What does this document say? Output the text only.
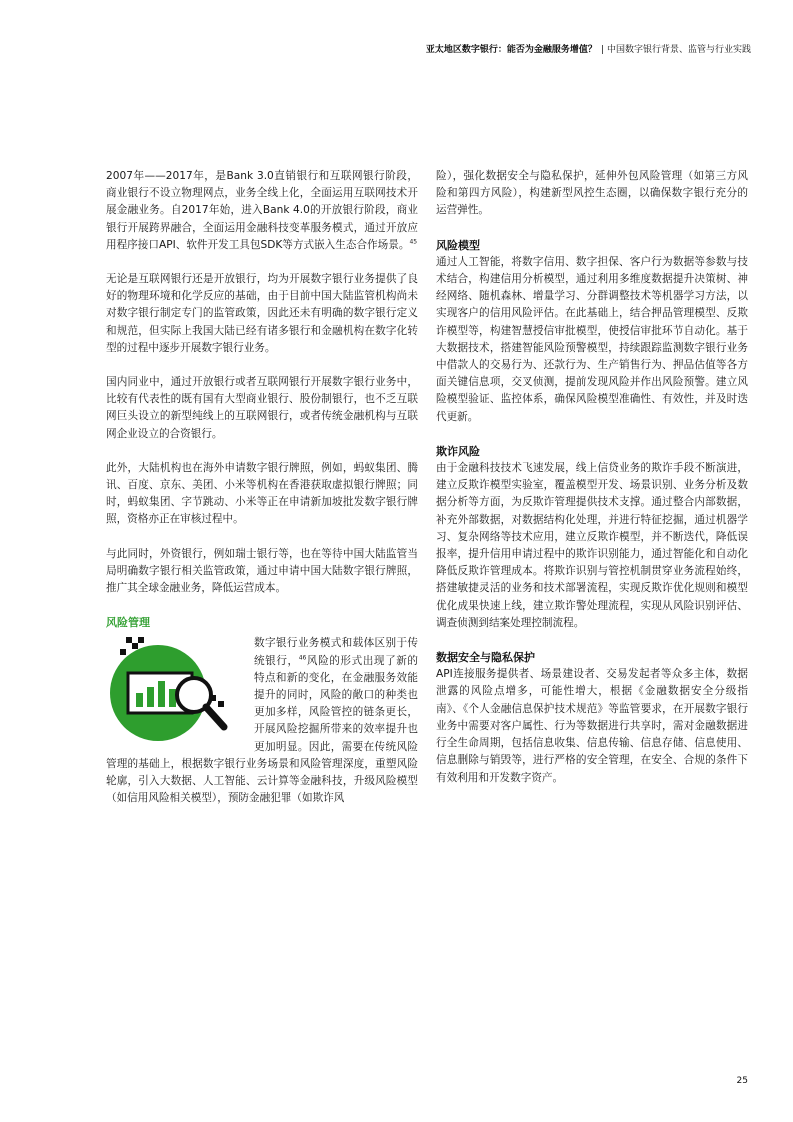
亚太地区数字银行：能否为金融服务增值？ | 中国数字银行背景、监管与行业实践

2007年——2017年，是Bank 3.0直销银行和互联网银行阶段，商业银行不设立物理网点，业务全线上化，全面运用互联网技术开展金融业务。自2017年始，进入Bank 4.0的开放银行阶段，商业银行开展跨界融合，全面运用金融科技变革服务模式，通过开放应用程序接口API、软件开发工具包SDK等方式嵌入生态合作场景。$^{45}$

无论是互联网银行还是开放银行，均为开展数字银行业务提供了良好的物理环境和化学反应的基础，由于目前中国大陆监管机构尚未对数字银行制定专门的监管政策，因此还未有明确的数字银行定义和规范，但实际上我国大陆已经有诸多银行和金融机构在数字化转型的过程中逐步开展数字银行业务。

国内同业中，通过开放银行或者互联网银行开展数字银行业务中，比较有代表性的既有国有大型商业银行、股份制银行，也不乏互联网巨头设立的新型纯线上的互联网银行，或者传统金融机构与互联网企业设立的合资银行。

此外，大陆机构也在海外申请数字银行牌照，例如，蚂蚁集团、腾讯、百度、京东、美团、小米等机构在香港获取虚拟银行牌照；同时，蚂蚁集团、字节跳动、小米等正在申请新加坡批发数字银行牌照，资格亦正在审核过程中。

与此同时，外资银行，例如瑞士银行等，也在等待中国大陆监管当局明确数字银行相关监管政策，通过申请中国大陆数字银行牌照，推广其全球金融业务，降低运营成本。

风险管理

数字银行业务模式和载体区别于传统银行，$^{46}$风险的形式出现了新的特点和新的变化，在金融服务效能提升的同时，风险的敞口的种类也更加多样，风险管控的链条更长，开展风险挖掘所带来的效率提升也更加明显。因此，需要在传统风险管理的基础上，根据数字银行业务场景和风险管理深度，重塑风险轮廓，引入大数据、人工智能、云计算等金融科技，升级风险模型（如信用风险相关模型），预防金融犯罪（如欺诈风

险），强化数据安全与隐私保护，延伸外包风险管理（如第三方风险和第四方风险），构建新型风控生态圈，以确保数字银行充分的运营弹性。

风险模型

通过人工智能，将数字信用、数字担保、客户行为数据等参数与技术结合，构建信用分析模型，通过利用多维度数据提升决策树、神经网络、随机森林、增量学习、分群调整技术等机器学习方法，以实现客户的信用风险评估。在此基础上，结合押品管理模型、反欺诈模型等，构建智慧授信审批模型，使授信审批环节自动化。基于大数据技术，搭建智能风险预警模型，持续跟踪监测数字银行业务中借款人的交易行为、还款行为、生产销售行为、押品估值等各方面关键信息项，交叉侦测，提前发现风险并作出风险预警。建立风险模型验证、监控体系，确保风险模型准确性、有效性，并及时迭代更新。

欺诈风险

由于金融科技技术飞速发展，线上信贷业务的欺诈手段不断演进，建立反欺诈模型实验室，覆盖模型开发、场景识别、业务分析及数据分析等方面，为反欺诈管理提供技术支撑。通过整合内部数据，补充外部数据，对数据结构化处理，并进行特征挖掘，通过机器学习、复杂网络等技术应用，建立反欺诈模型，并不断迭代，降低误报率，提升信用申请过程中的欺诈识别能力，通过智能化和自动化降低反欺诈管理成本。将欺诈识别与管控机制贯穿业务流程始终，搭建敏捷灵活的业务和技术部署流程，实现反欺诈优化规则和模型优化成果快速上线，建立欺诈警处理流程，实现从风险识别评估、调查侦测到结案处理控制流程。

数据安全与隐私保护

API连接服务提供者、场景建设者、交易发起者等众多主体，数据泄露的风险点增多，可能性增大，根据《金融数据安全分级指南》、《个人金融信息保护技术规范》等监管要求，在开展数字银行业务中需要对客户属性、行为等数据进行共享时，需对金融数据进行全生命周期，包括信息收集、信息传输、信息存储、信息使用、信息删除与销毁等，进行严格的安全管理，在安全、合规的条件下有效利用和开发数字资产。

25
